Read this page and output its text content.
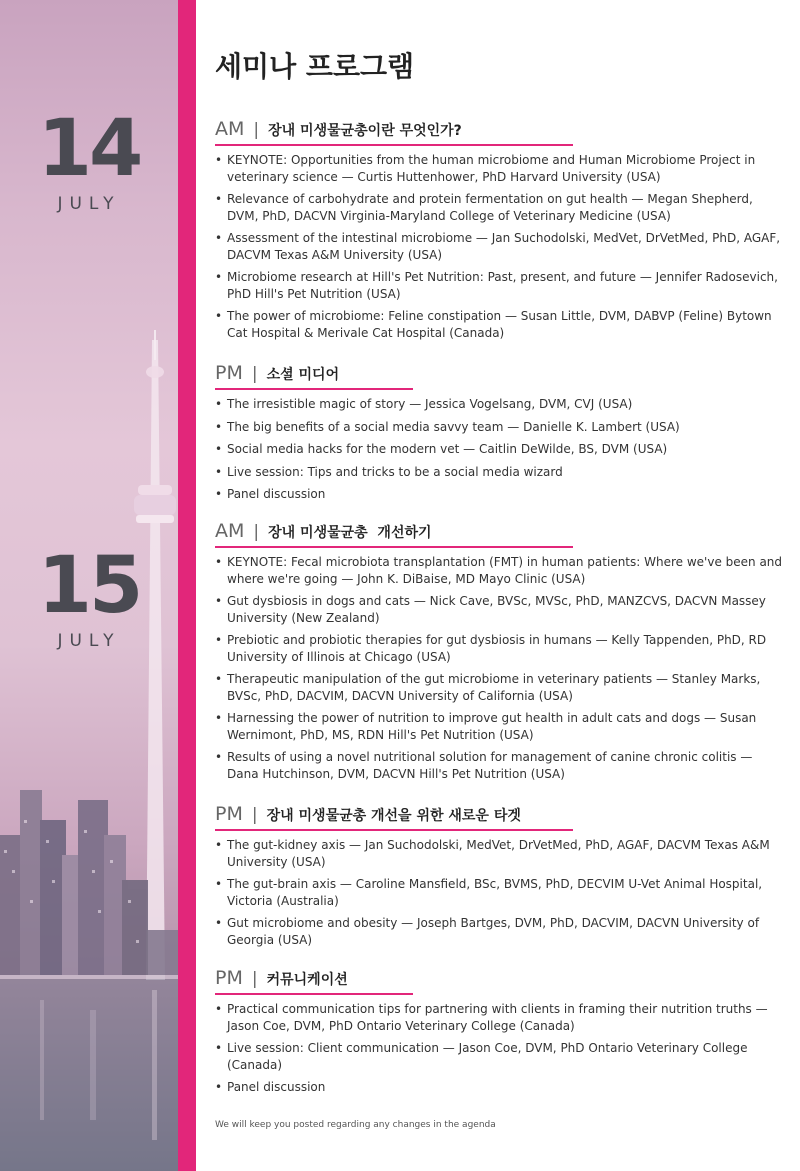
14
JULY
15
JULY
세미나 프로그램
AM | 장내 미생물균총이란 무엇인가?
• KEYNOTE: Opportunities from the human microbiome and Human Microbiome Project in veterinary science — Curtis Huttenhower, PhD Harvard University (USA)
• Relevance of carbohydrate and protein fermentation on gut health — Megan Shepherd, DVM, PhD, DACVN Virginia-Maryland College of Veterinary Medicine (USA)
• Assessment of the intestinal microbiome — Jan Suchodolski, MedVet, DrVetMed, PhD, AGAF, DACVM Texas A&M University (USA)
• Microbiome research at Hill's Pet Nutrition: Past, present, and future — Jennifer Radosevich, PhD Hill's Pet Nutrition (USA)
• The power of microbiome: Feline constipation — Susan Little, DVM, DABVP (Feline) Bytown Cat Hospital & Merivale Cat Hospital (Canada)
PM | 소셜 미디어
• The irresistible magic of story — Jessica Vogelsang, DVM, CVJ (USA)
• The big benefits of a social media savvy team — Danielle K. Lambert (USA)
• Social media hacks for the modern vet — Caitlin DeWilde, BS, DVM (USA)
• Live session: Tips and tricks to be a social media wizard
• Panel discussion
AM | 장내 미생물균총  개선하기
• KEYNOTE: Fecal microbiota transplantation (FMT) in human patients: Where we've been and where we're going — John K. DiBaise, MD Mayo Clinic (USA)
• Gut dysbiosis in dogs and cats — Nick Cave, BVSc, MVSc, PhD, MANZCVS, DACVN Massey University (New Zealand)
• Prebiotic and probiotic therapies for gut dysbiosis in humans — Kelly Tappenden, PhD, RD University of Illinois at Chicago (USA)
• Therapeutic manipulation of the gut microbiome in veterinary patients — Stanley Marks, BVSc, PhD, DACVIM, DACVN University of California (USA)
• Harnessing the power of nutrition to improve gut health in adult cats and dogs — Susan Wernimont, PhD, MS, RDN Hill's Pet Nutrition (USA)
• Results of using a novel nutritional solution for management of canine chronic colitis — Dana Hutchinson, DVM, DACVN Hill's Pet Nutrition (USA)
PM | 장내 미생물균총 개선을 위한 새로운 타겟
• The gut-kidney axis — Jan Suchodolski, MedVet, DrVetMed, PhD, AGAF, DACVM Texas A&M University (USA)
• The gut-brain axis — Caroline Mansfield, BSc, BVMS, PhD, DECVIM U-Vet Animal Hospital, Victoria (Australia)
• Gut microbiome and obesity — Joseph Bartges, DVM, PhD, DACVIM, DACVN University of Georgia (USA)
PM | 커뮤니케이션
• Practical communication tips for partnering with clients in framing their nutrition truths — Jason Coe, DVM, PhD Ontario Veterinary College (Canada)
• Live session: Client communication — Jason Coe, DVM, PhD Ontario Veterinary College (Canada)
• Panel discussion
We will keep you posted regarding any changes in the agenda
